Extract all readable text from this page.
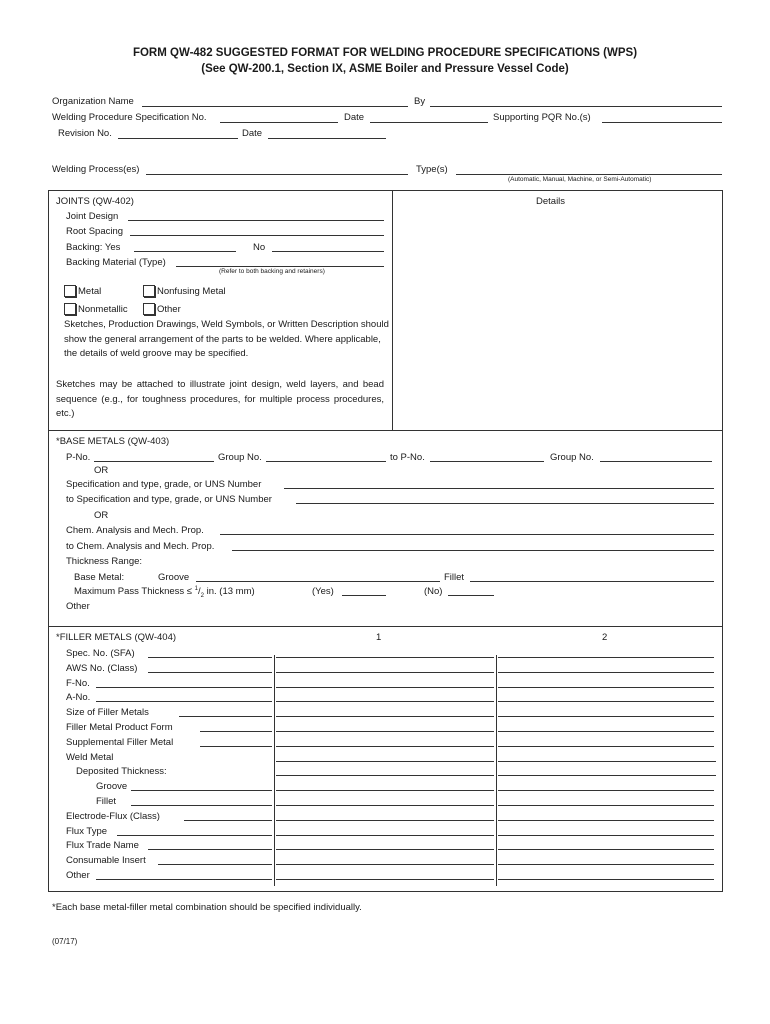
FORM QW-482 SUGGESTED FORMAT FOR WELDING PROCEDURE SPECIFICATIONS (WPS)
(See QW-200.1, Section IX, ASME Boiler and Pressure Vessel Code)
Organization Name	By
Welding Procedure Specification No.	Date	Supporting PQR No.(s)
Revision No.	Date
Welding Process(es)	Type(s)
(Automatic, Manual, Machine, or Semi-Automatic)
JOINTS (QW-402)	Details
Joint Design
Root Spacing
Backing: Yes	No
Backing Material (Type)
(Refer to both backing and retainers)
Metal	Nonfusing Metal
Nonmetallic	Other
Sketches, Production Drawings, Weld Symbols, or Written Description should show the general arrangement of the parts to be welded. Where applicable, the details of weld groove may be specified.
Sketches may be attached to illustrate joint design, weld layers, and bead sequence (e.g., for toughness procedures, for multiple process procedures, etc.)
*BASE METALS (QW-403)
P-No.	Group No.	to P-No.	Group No.
OR
Specification and type, grade, or UNS Number
to Specification and type, grade, or UNS Number
OR
Chem. Analysis and Mech. Prop.
to Chem. Analysis and Mech. Prop.
Thickness Range:
Base Metal:	Groove	Fillet
Maximum Pass Thickness ≤ $^1/_2$ in. (13 mm)	(Yes)	(No)
Other
*FILLER METALS (QW-404)	1	2
Spec. No. (SFA)
AWS No. (Class)
F-No.
A-No.
Size of Filler Metals
Filler Metal Product Form
Supplemental Filler Metal
Weld Metal
Deposited Thickness:
Groove
Fillet
Electrode-Flux (Class)
Flux Type
Flux Trade Name
Consumable Insert
Other
*Each base metal-filler metal combination should be specified individually.
(07/17)
